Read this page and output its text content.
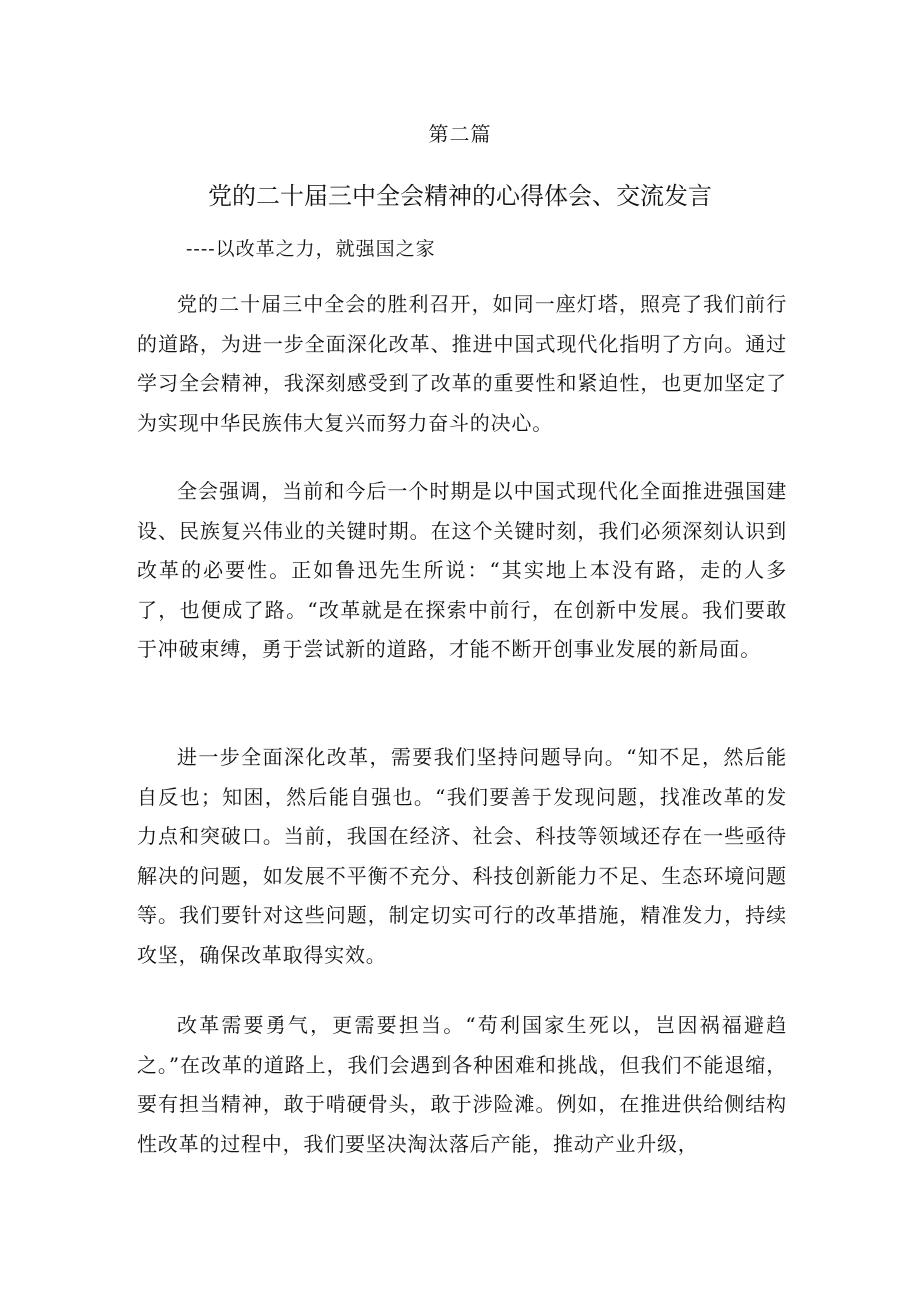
第二篇
党的二十届三中全会精神的心得体会、交流发言
----以改革之力，就强国之家

党的二十届三中全会的胜利召开，如同一座灯塔，照亮了我们前行的道路，为进一步全面深化改革、推进中国式现代化指明了方向。通过学习全会精神，我深刻感受到了改革的重要性和紧迫性，也更加坚定了为实现中华民族伟大复兴而努力奋斗的决心。

全会强调，当前和今后一个时期是以中国式现代化全面推进强国建设、民族复兴伟业的关键时期。在这个关键时刻，我们必须深刻认识到改革的必要性。正如鲁迅先生所说：“其实地上本没有路，走的人多了，也便成了路。“改革就是在探索中前行，在创新中发展。我们要敢于冲破束缚，勇于尝试新的道路，才能不断开创事业发展的新局面。

进一步全面深化改革，需要我们坚持问题导向。“知不足，然后能自反也；知困，然后能自强也。“我们要善于发现问题，找准改革的发力点和突破口。当前，我国在经济、社会、科技等领域还存在一些亟待解决的问题，如发展不平衡不充分、科技创新能力不足、生态环境问题等。我们要针对这些问题，制定切实可行的改革措施，精准发力，持续攻坚，确保改革取得实效。

改革需要勇气，更需要担当。“苟利国家生死以，岂因祸福避趋之。”在改革的道路上，我们会遇到各种困难和挑战，但我们不能退缩，要有担当精神，敢于啃硬骨头，敢于涉险滩。例如，在推进供给侧结构性改革的过程中，我们要坚决淘汰落后产能，推动产业升级，
